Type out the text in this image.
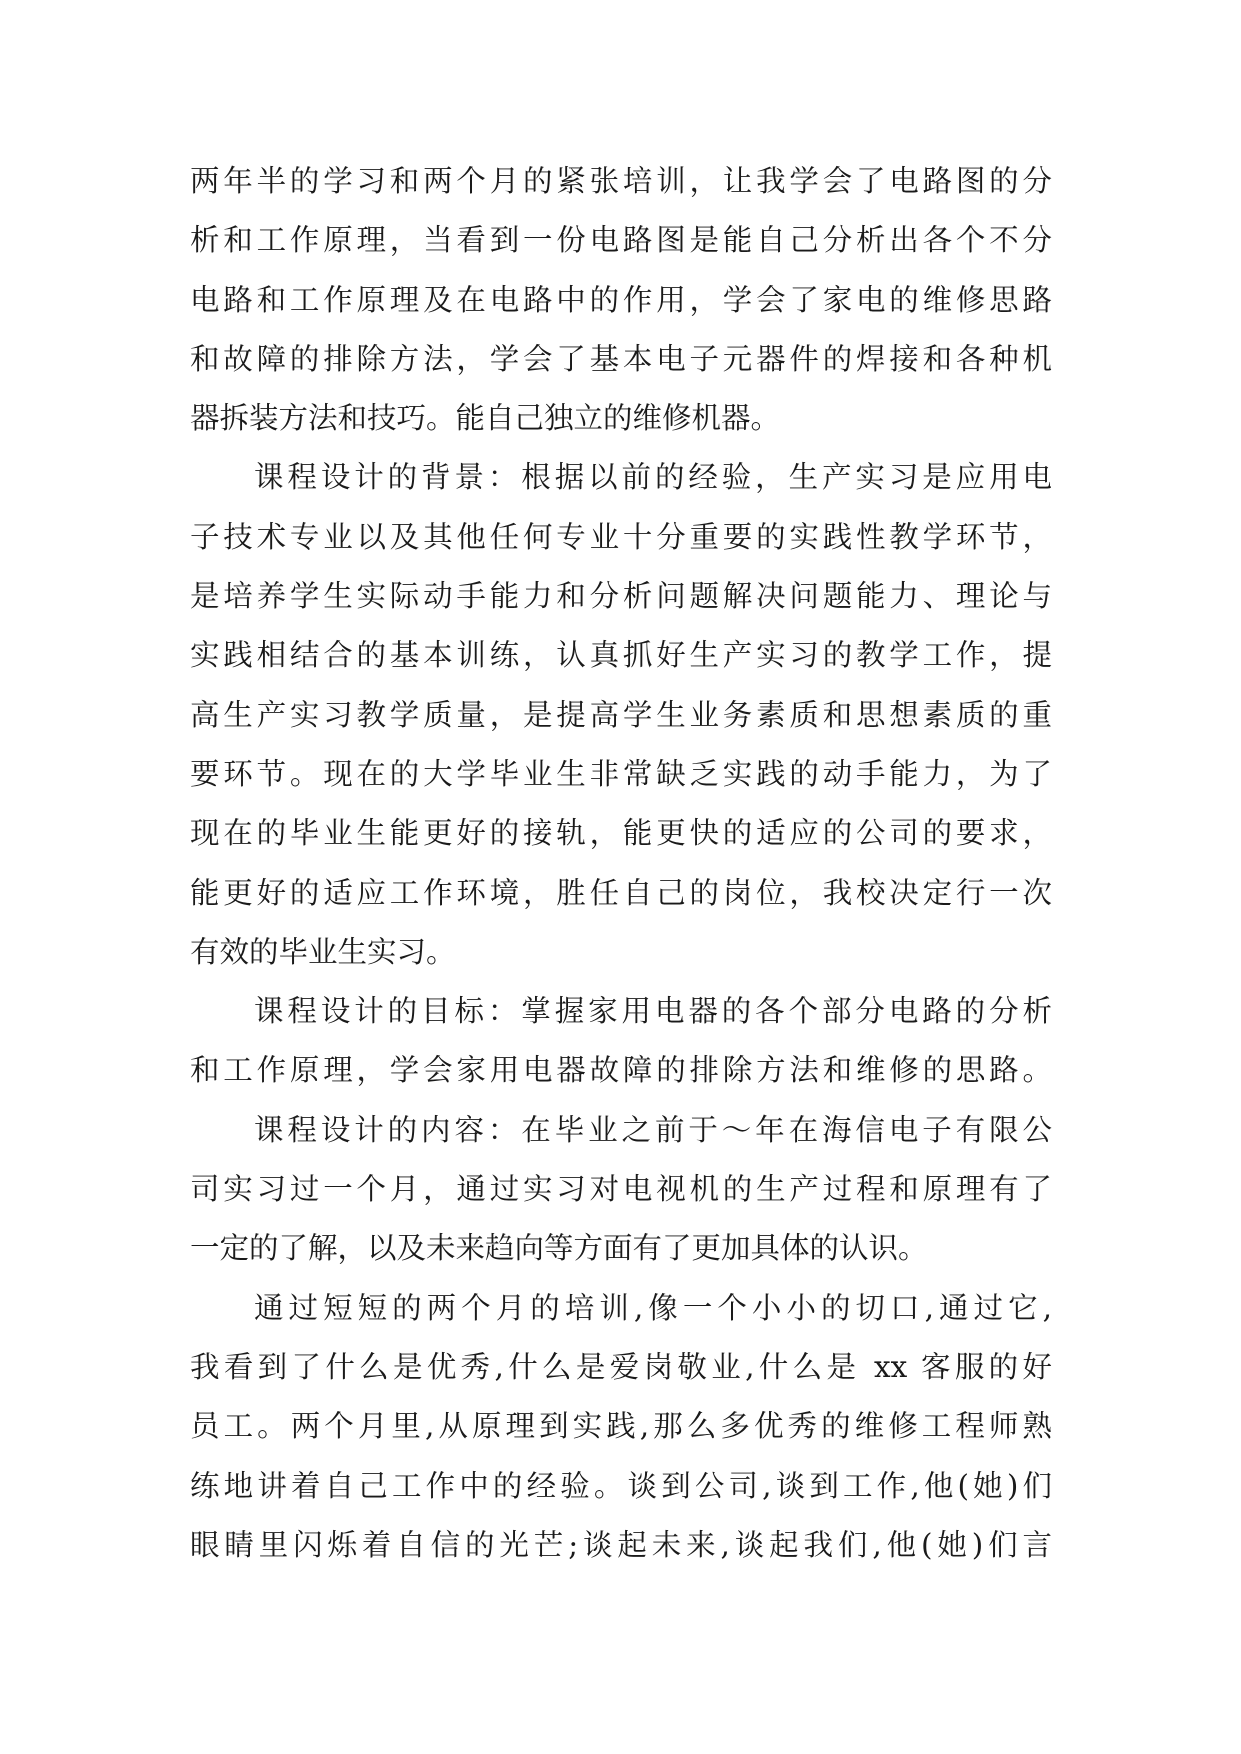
两年半的学习和两个月的紧张培训，让我学会了电路图的分
析和工作原理，当看到一份电路图是能自己分析出各个不分
电路和工作原理及在电路中的作用，学会了家电的维修思路
和故障的排除方法，学会了基本电子元器件的焊接和各种机
器拆装方法和技巧。能自己独立的维修机器。
课程设计的背景：根据以前的经验，生产实习是应用电
子技术专业以及其他任何专业十分重要的实践性教学环节，
是培养学生实际动手能力和分析问题解决问题能力、理论与
实践相结合的基本训练，认真抓好生产实习的教学工作，提
高生产实习教学质量，是提高学生业务素质和思想素质的重
要环节。现在的大学毕业生非常缺乏实践的动手能力，为了
现在的毕业生能更好的接轨，能更快的适应的公司的要求，
能更好的适应工作环境，胜任自己的岗位，我校决定行一次
有效的毕业生实习。
课程设计的目标：掌握家用电器的各个部分电路的分析
和工作原理，学会家用电器故障的排除方法和维修的思路。
课程设计的内容：在毕业之前于～年在海信电子有限公
司实习过一个月，通过实习对电视机的生产过程和原理有了
一定的了解，以及未来趋向等方面有了更加具体的认识。
通过短短的两个月的培训,像一个小小的切口,通过它,
我看到了什么是优秀,什么是爱岗敬业,什么是 xx 客服的好
员工。两个月里,从原理到实践,那么多优秀的维修工程师熟
练地讲着自己工作中的经验。谈到公司,谈到工作,他(她)们
眼睛里闪烁着自信的光芒;谈起未来,谈起我们,他(她)们言
